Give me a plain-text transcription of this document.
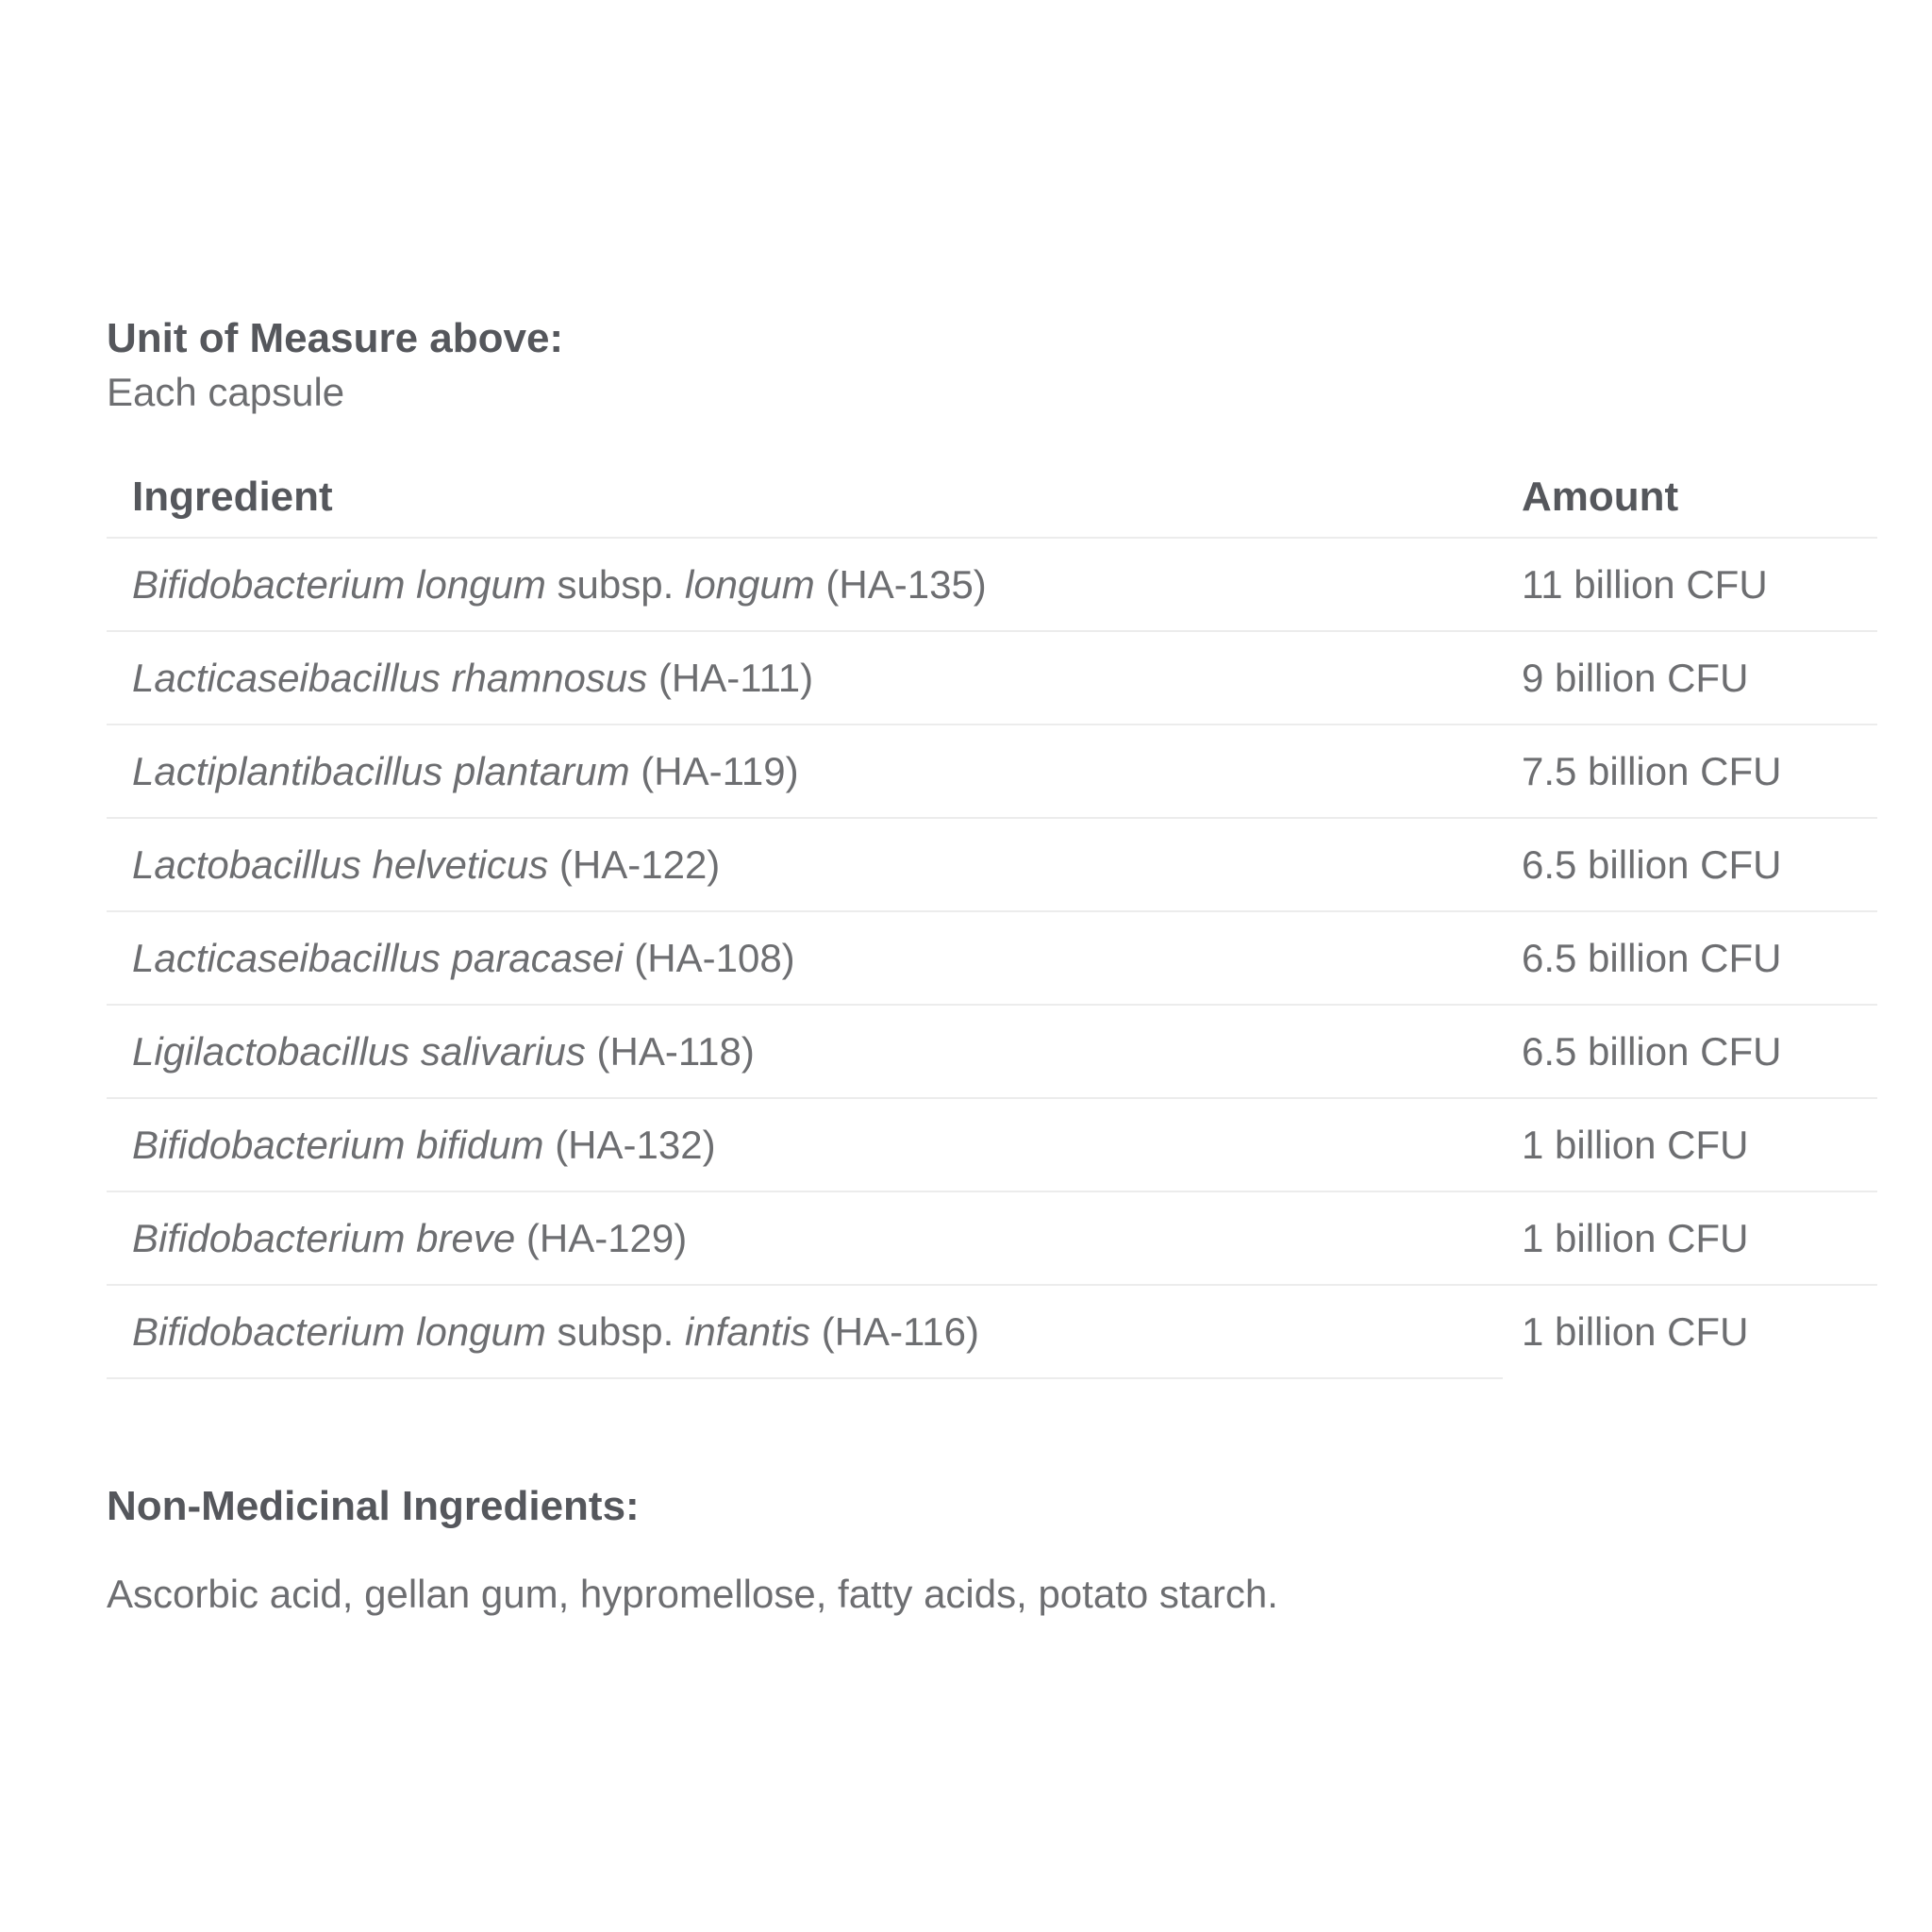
Unit of Measure above:
Each capsule
Ingredient	Amount
Bifidobacterium longum subsp. longum (HA-135)	11 billion CFU
Lacticaseibacillus rhamnosus (HA-111)	9 billion CFU
Lactiplantibacillus plantarum (HA-119)	7.5 billion CFU
Lactobacillus helveticus (HA-122)	6.5 billion CFU
Lacticaseibacillus paracasei (HA-108)	6.5 billion CFU
Ligilactobacillus salivarius (HA-118)	6.5 billion CFU
Bifidobacterium bifidum (HA-132)	1 billion CFU
Bifidobacterium breve (HA-129)	1 billion CFU
Bifidobacterium longum subsp. infantis (HA-116)	1 billion CFU
Non-Medicinal Ingredients:
Ascorbic acid, gellan gum, hypromellose, fatty acids, potato starch.
